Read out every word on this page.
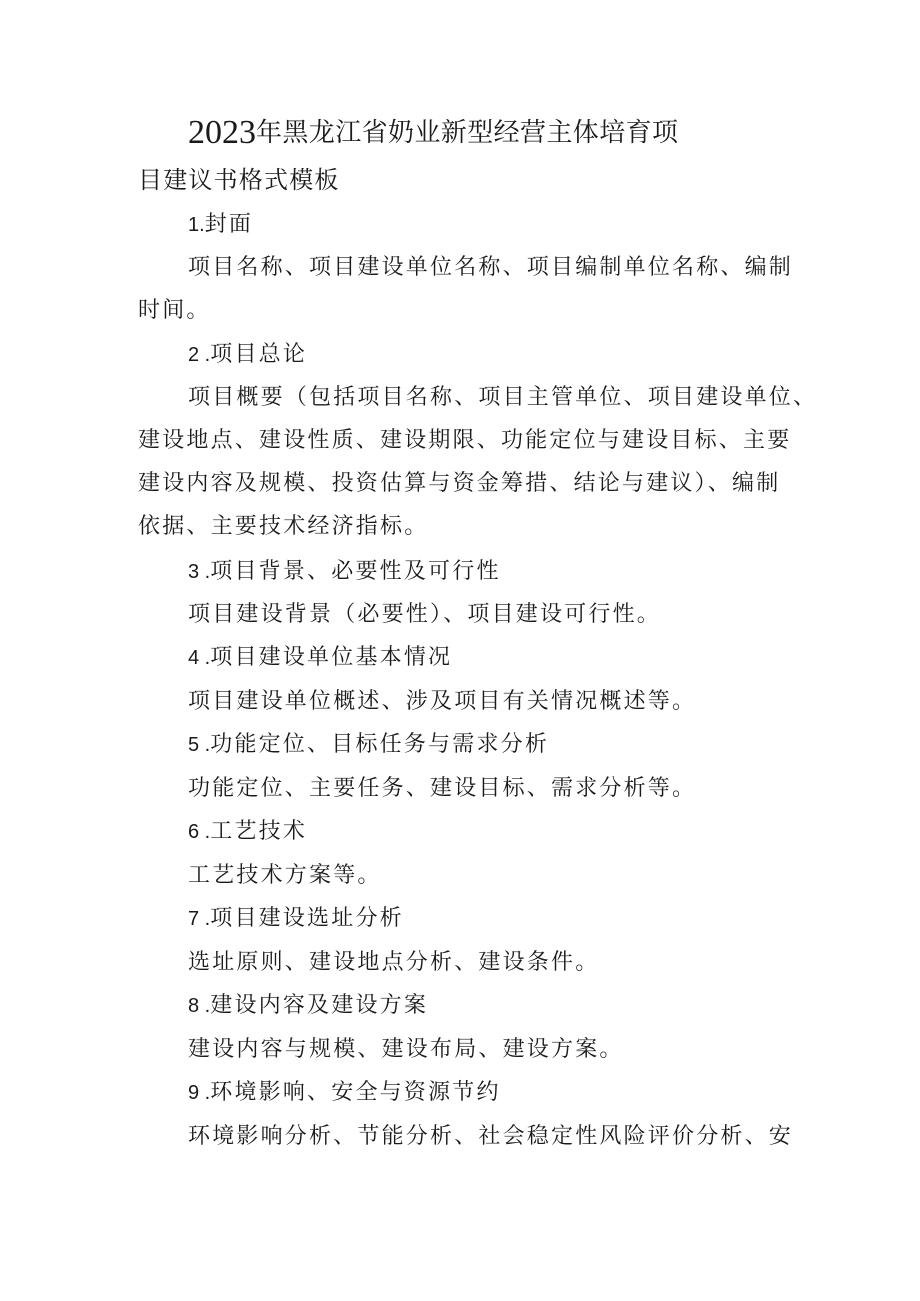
2023年黑龙江省奶业新型经营主体培育项
目建议书格式模板
1.封面
项目名称、项目建设单位名称、项目编制单位名称、编制
时间。
2 .项目总论
项目概要（包括项目名称、项目主管单位、项目建设单位、
建设地点、建设性质、建设期限、功能定位与建设目标、主要
建设内容及规模、投资估算与资金筹措、结论与建议）、编制
依据、主要技术经济指标。
3 .项目背景、必要性及可行性
项目建设背景（必要性）、项目建设可行性。
4 .项目建设单位基本情况
项目建设单位概述、涉及项目有关情况概述等。
5 .功能定位、目标任务与需求分析
功能定位、主要任务、建设目标、需求分析等。
6 .工艺技术
工艺技术方案等。
7 .项目建设选址分析
选址原则、建设地点分析、建设条件。
8 .建设内容及建设方案
建设内容与规模、建设布局、建设方案。
9 .环境影响、安全与资源节约
环境影响分析、节能分析、社会稳定性风险评价分析、安
